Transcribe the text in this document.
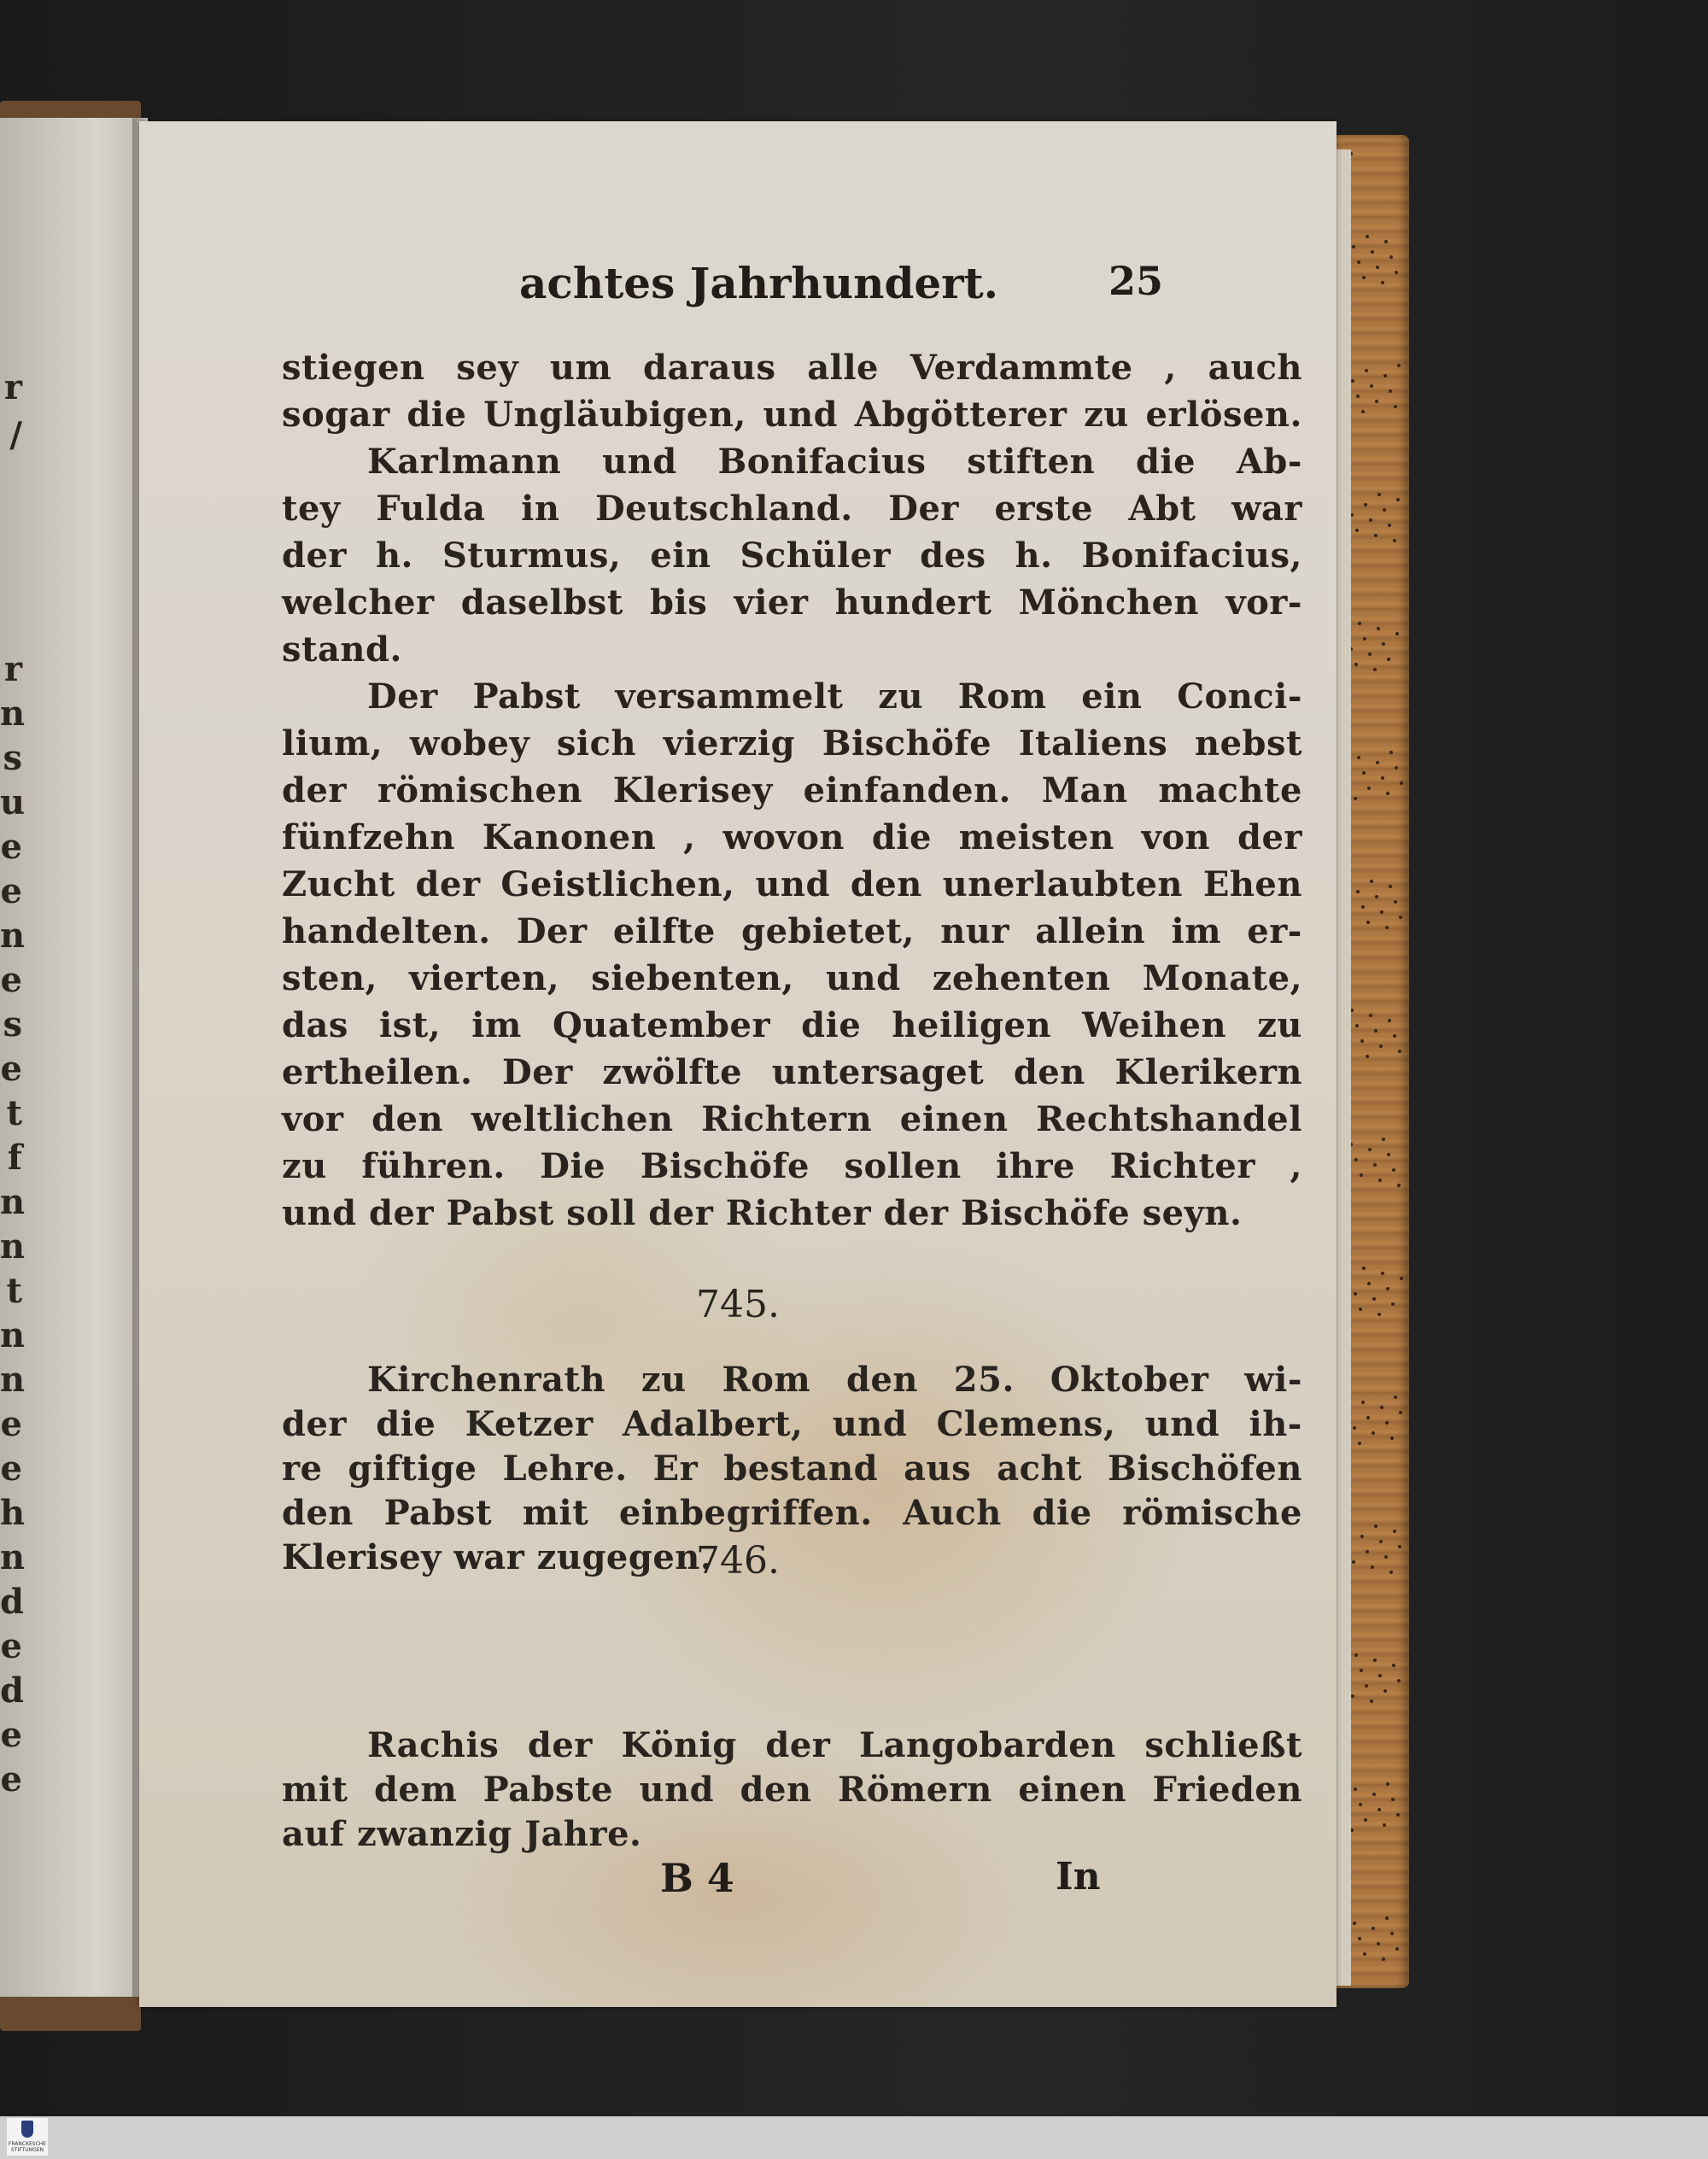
r
/
r
n
s
u
e
e
n
e
s
e
t
f
n
n
t
n
n
e
e
h
n
d
e
d
e
e
achtes Jahrhundert.	25
stiegen sey um daraus alle Verdammte , auch
sogar die Ungläubigen, und Abgötterer zu erlösen.
Karlmann und Bonifacius stiften die Ab-
tey Fulda in Deutschland. Der erste Abt war
der h. Sturmus, ein Schüler des h. Bonifacius,
welcher daselbst bis vier hundert Mönchen vor-
stand.
Der Pabst versammelt zu Rom ein Conci-
lium, wobey sich vierzig Bischöfe Italiens nebst
der römischen Klerisey einfanden. Man machte
fünfzehn Kanonen , wovon die meisten von der
Zucht der Geistlichen, und den unerlaubten Ehen
handelten. Der eilfte gebietet, nur allein im er-
sten, vierten, siebenten, und zehenten Monate,
das ist, im Quatember die heiligen Weihen zu
ertheilen. Der zwölfte untersaget den Klerikern
vor den weltlichen Richtern einen Rechtshandel
zu führen. Die Bischöfe sollen ihre Richter ,
und der Pabst soll der Richter der Bischöfe seyn.
745.
Kirchenrath zu Rom den 25. Oktober wi-
der die Ketzer Adalbert, und Clemens, und ih-
re giftige Lehre. Er bestand aus acht Bischöfen
den Pabst mit einbegriffen. Auch die römische
Klerisey war zugegen.
746.
Rachis der König der Langobarden schließt
mit dem Pabste und den Römern einen Frieden
auf zwanzig Jahre.
B 4	In
FRANCKESCHE STIFTUNGEN
